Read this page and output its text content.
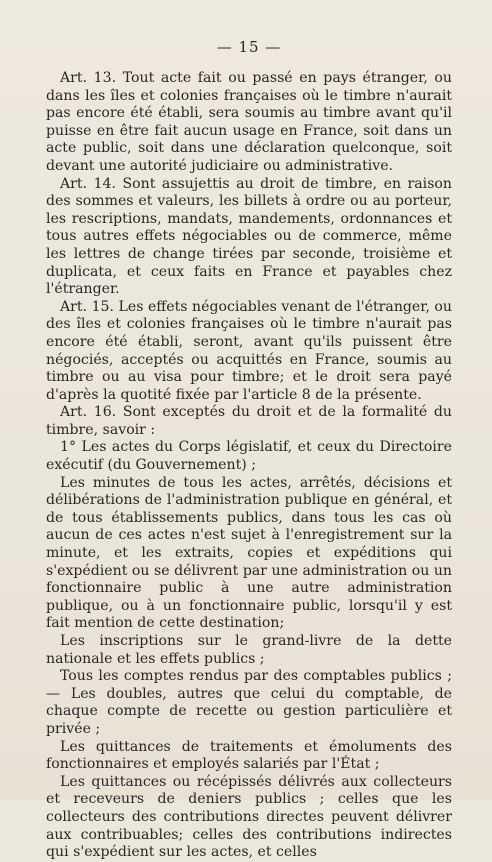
— 15 —

Art. 13. Tout acte fait ou passé en pays étranger, ou dans les îles et colonies françaises où le timbre n'aurait pas encore été établi, sera soumis au timbre avant qu'il puisse en être fait aucun usage en France, soit dans un acte public, soit dans une déclaration quelconque, soit devant une autorité judiciaire ou administrative.

Art. 14. Sont assujettis au droit de timbre, en raison des sommes et valeurs, les billets à ordre ou au porteur, les rescriptions, mandats, mandements, ordonnances et tous autres effets négociables ou de commerce, même les lettres de change tirées par seconde, troisième et duplicata, et ceux faits en France et payables chez l'étranger.

Art. 15. Les effets négociables venant de l'étranger, ou des îles et colonies françaises où le timbre n'aurait pas encore été établi, seront, avant qu'ils puissent être négociés, acceptés ou acquittés en France, soumis au timbre ou au visa pour timbre; et le droit sera payé d'après la quotité fixée par l'article 8 de la présente.

Art. 16. Sont exceptés du droit et de la formalité du timbre, savoir :

1° Les actes du Corps législatif, et ceux du Directoire exécutif (du Gouvernement) ;

Les minutes de tous les actes, arrêtés, décisions et délibérations de l'administration publique en général, et de tous établissements publics, dans tous les cas où aucun de ces actes n'est sujet à l'enregistrement sur la minute, et les extraits, copies et expéditions qui s'expédient ou se délivrent par une administration ou un fonctionnaire public à une autre administration publique, ou à un fonctionnaire public, lorsqu'il y est fait mention de cette destination;

Les inscriptions sur le grand-livre de la dette nationale et les effets publics ;

Tous les comptes rendus par des comptables publics ; — Les doubles, autres que celui du comptable, de chaque compte de recette ou gestion particulière et privée ;

Les quittances de traitements et émoluments des fonctionnaires et employés salariés par l'État ;

Les quittances ou récépissés délivrés aux collecteurs et receveurs de deniers publics ; celles que les collecteurs des contributions directes peuvent délivrer aux contribuables; celles des contributions indirectes qui s'expédient sur les actes, et celles
